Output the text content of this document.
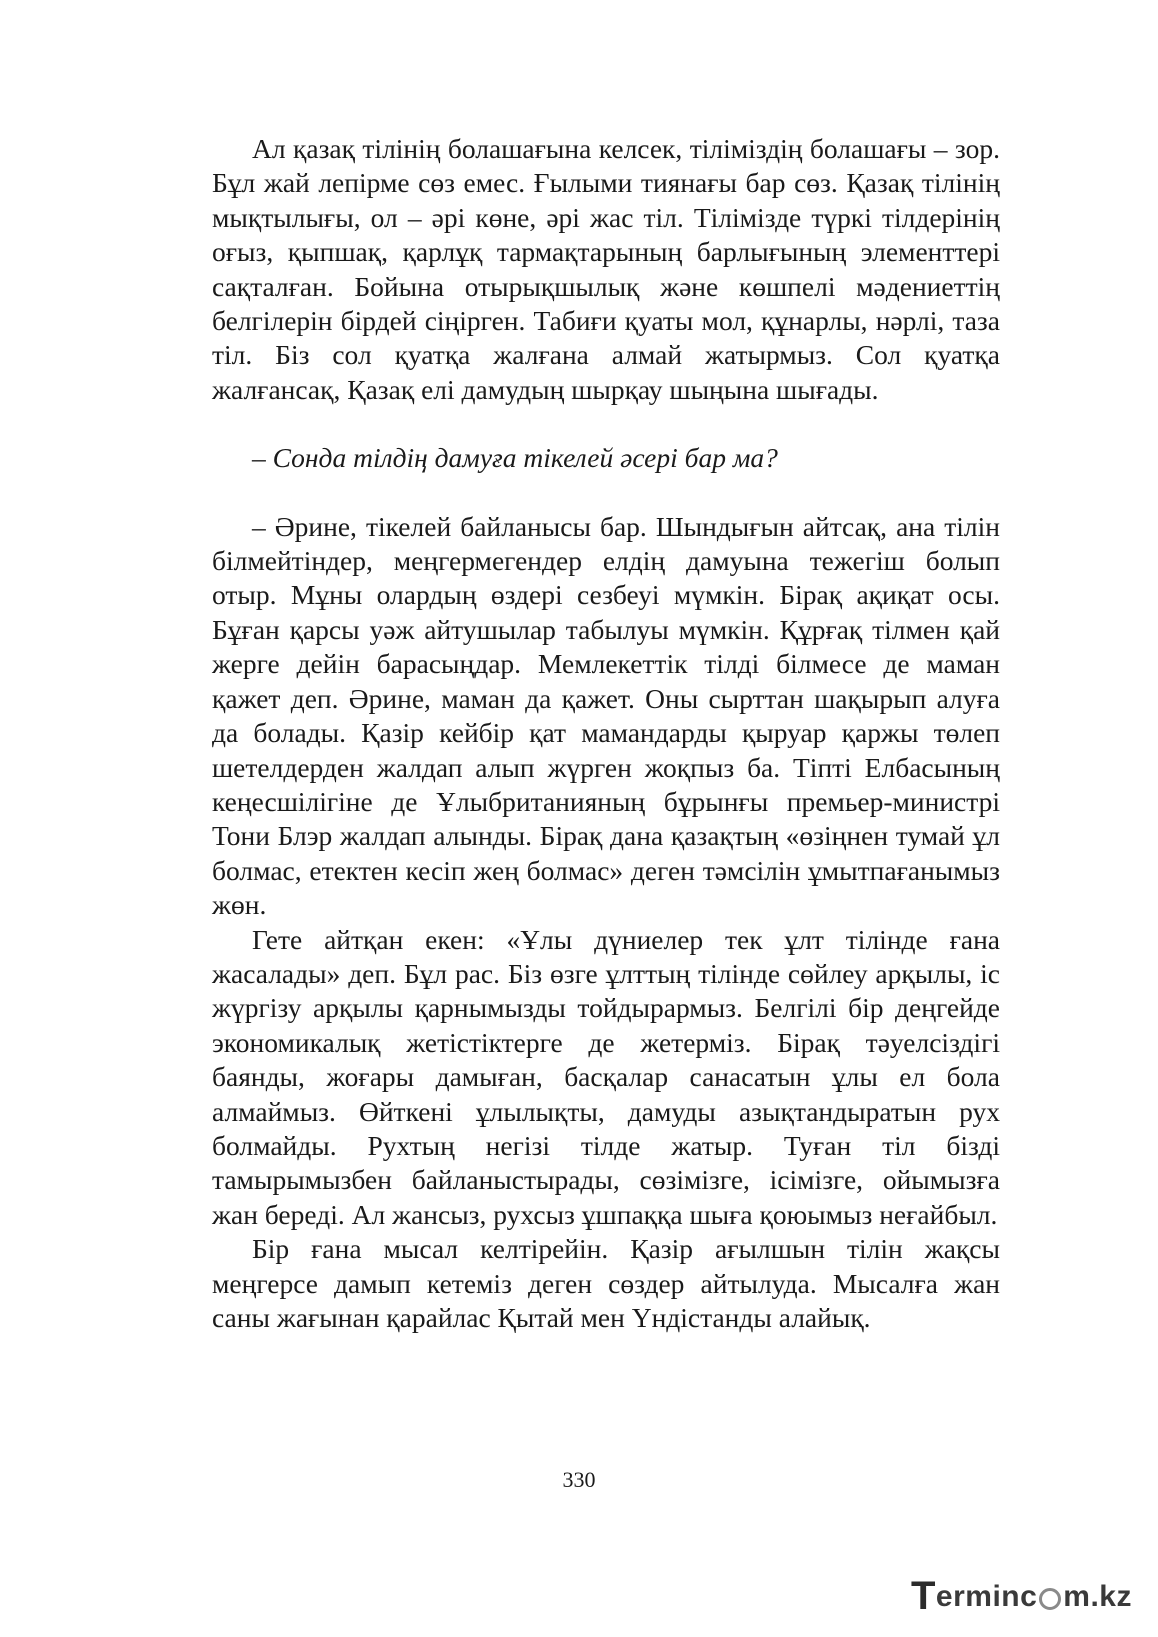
Ал қазақ тілінің болашағына келсек, тіліміздің болашағы – зор. Бұл жай лепірме сөз емес. Ғылыми тиянағы бар сөз. Қазақ тілінің мықтылығы, ол – әрі көне, әрі жас тіл. Тілімізде түркі тілдерінің оғыз, қыпшақ, қарлұқ тармақтарының барлығының элементтері сақталған. Бойына отырықшылық және көшпелі мәдениеттің белгілерін бірдей сіңірген. Табиғи қуаты мол, құнарлы, нәрлі, таза тіл. Біз сол қуатқа жалғана алмай жатырмыз. Сол қуатқа жалғансақ, Қазақ елі дамудың шырқау шыңына шығады.

– Сонда тілдің дамуға тікелей әсері бар ма?

– Әрине, тікелей байланысы бар. Шындығын айтсақ, ана тілін білмейтіндер, меңгермегендер елдің дамуына тежегіш болып отыр. Мұны олардың өздері сезбеуі мүмкін. Бірақ ақиқат осы. Бұған қарсы уәж айтушылар табылуы мүмкін. Құрғақ тілмен қай жерге дейін барасыңдар. Мемлекеттік тілді білмесе де маман қажет деп. Әрине, маман да қажет. Оны сырттан шақырып алуға да болады. Қазір кейбір қат мамандарды қыруар қаржы төлеп шетелдерден жалдап алып жүрген жоқпыз ба. Тіпті Елбасының кеңесшілігіне де Ұлыбританияның бұрынғы премьер-министрі Тони Блэр жалдап алынды. Бірақ дана қазақтың «өзіңнен тумай ұл болмас, етектен кесіп жең болмас» деген тәмсілін ұмытпағанымыз жөн.

Гете айтқан екен: «Ұлы дүниелер тек ұлт тілінде ғана жасалады» деп. Бұл рас. Біз өзге ұлттың тілінде сөйлеу арқылы, іс жүргізу арқылы қарнымызды тойдырармыз. Белгілі бір деңгейде экономикалық жетістіктерге де жетерміз. Бірақ тәуелсіздігі баянды, жоғары дамыған, басқалар санасатын ұлы ел бола алмаймыз. Өйткені ұлылықты, дамуды азықтандыратын рух болмайды. Рухтың негізі тілде жатыр. Туған тіл бізді тамырымызбен байланыстырады, сөзімізге, ісімізге, ойымызға жан береді. Ал жансыз, рухсыз ұшпаққа шыға қоюымыз неғайбыл.

Бір ғана мысал келтірейін. Қазір ағылшын тілін жақсы меңгерсе дамып кетеміз деген сөздер айтылуда. Мысалға жан саны жағынан қарайлас Қытай мен Үндістанды алайық.

330
T erminc m.kz
